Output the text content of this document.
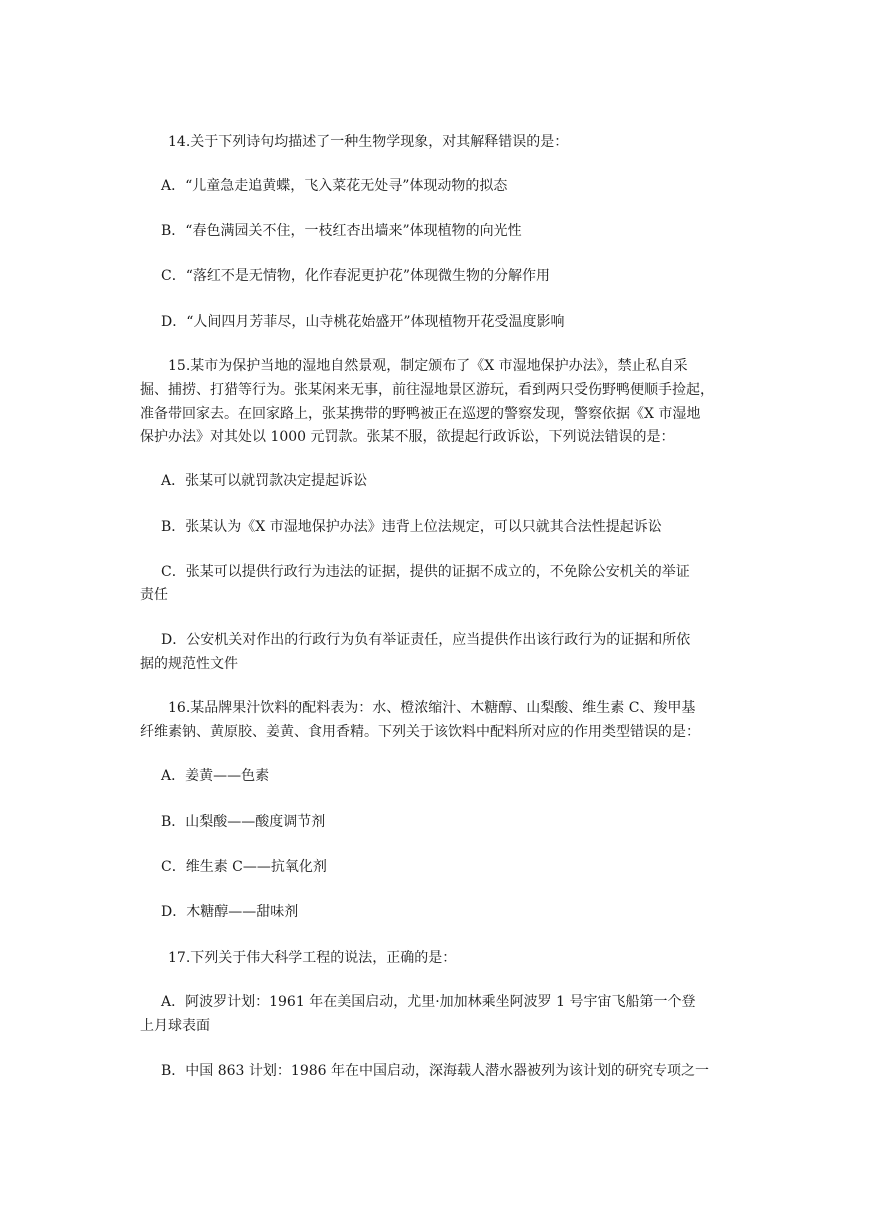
14.关于下列诗句均描述了一种生物学现象，对其解释错误的是：
A．“儿童急走追黄蝶，飞入菜花无处寻”体现动物的拟态
B．“春色满园关不住，一枝红杏出墙来”体现植物的向光性
C．“落红不是无情物，化作春泥更护花”体现微生物的分解作用
D．“人间四月芳菲尽，山寺桃花始盛开”体现植物开花受温度影响
15.某市为保护当地的湿地自然景观，制定颁布了《X 市湿地保护办法》，禁止私自采
掘、捕捞、打猎等行为。张某闲来无事，前往湿地景区游玩，看到两只受伤野鸭便顺手捡起，
准备带回家去。在回家路上，张某携带的野鸭被正在巡逻的警察发现，警察依据《X 市湿地
保护办法》对其处以 1000 元罚款。张某不服，欲提起行政诉讼，下列说法错误的是：
A．张某可以就罚款决定提起诉讼
B．张某认为《X 市湿地保护办法》违背上位法规定，可以只就其合法性提起诉讼
C．张某可以提供行政行为违法的证据，提供的证据不成立的，不免除公安机关的举证
责任
D．公安机关对作出的行政行为负有举证责任，应当提供作出该行政行为的证据和所依
据的规范性文件
16.某品牌果汁饮料的配料表为：水、橙浓缩汁、木糖醇、山梨酸、维生素 C、羧甲基
纤维素钠、黄原胶、姜黄、食用香精。下列关于该饮料中配料所对应的作用类型错误的是：
A．姜黄——色素
B．山梨酸——酸度调节剂
C．维生素 C——抗氧化剂
D．木糖醇——甜味剂
17.下列关于伟大科学工程的说法，正确的是：
A．阿波罗计划：1961 年在美国启动，尤里·加加林乘坐阿波罗 1 号宇宙飞船第一个登
上月球表面
B．中国 863 计划：1986 年在中国启动，深海载人潜水器被列为该计划的研究专项之一
